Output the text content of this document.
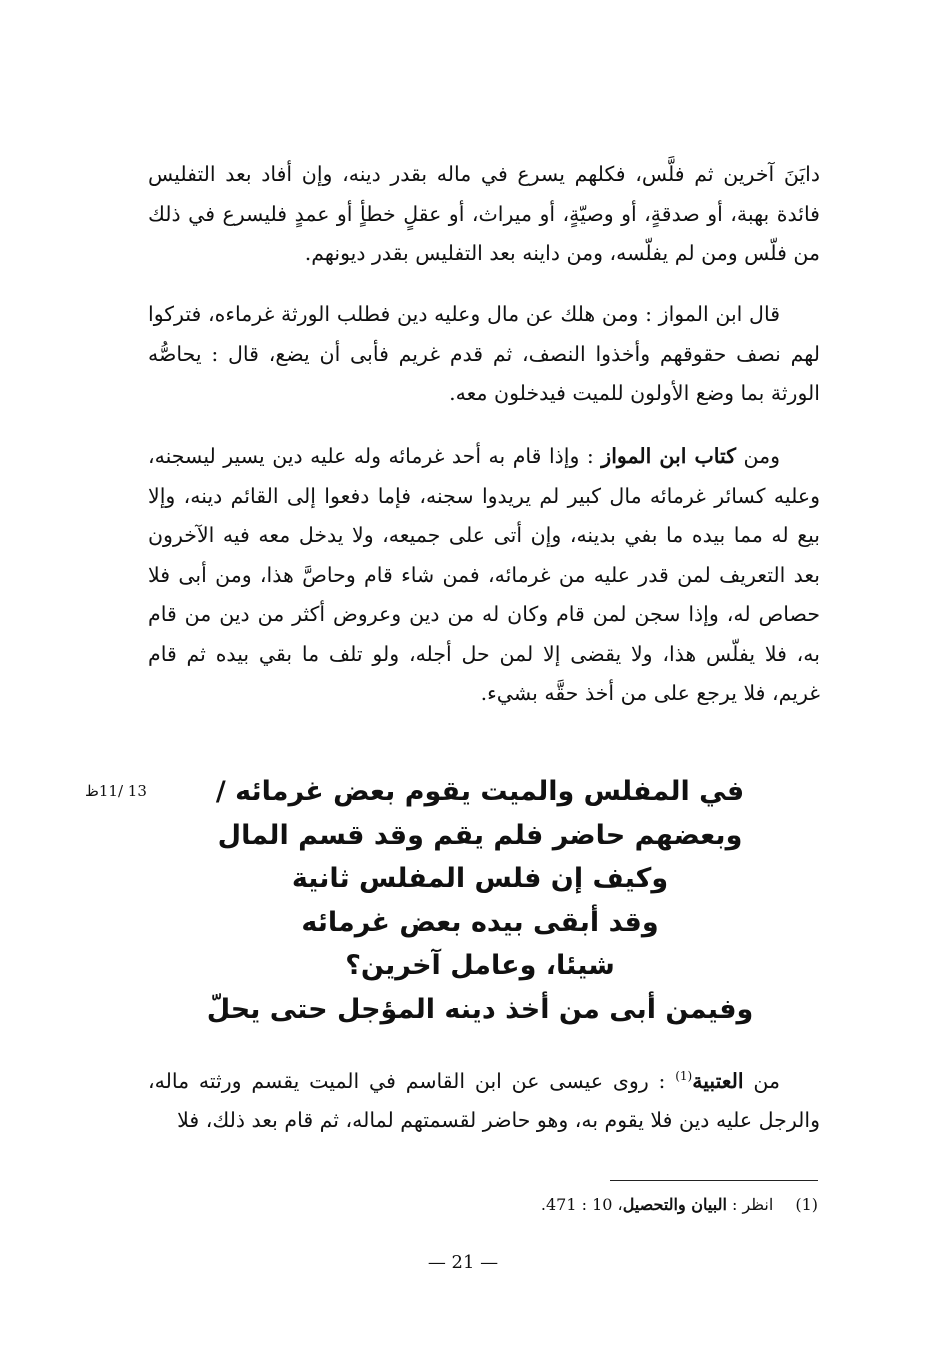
دايَنَ آخرين ثم فلَّس، فكلهم يسرع في ماله بقدر دينه، وإن أفاد بعد التفليس فائدة بهبة، أو صدقةٍ، أو وصيّةٍ، أو ميراث، أو عقلٍ خطأٍ أو عمدٍ فليسرع في ذلك من فلّس ومن لم يفلّسه، ومن داينه بعد التفليس بقدر ديونهم.

قال ابن المواز : ومن هلك عن مال وعليه دين فطلب الورثة غرماءه، فتركوا لهم نصف حقوقهم وأخذوا النصف، ثم قدم غريم فأبى أن يضع، قال : يحاصُّه الورثة بما وضع الأولون للميت فيدخلون معه.

ومن كتاب ابن المواز : وإذا قام به أحد غرمائه وله عليه دين يسير ليسجنه، وعليه كسائر غرمائه مال كبير لم يريدوا سجنه، فإما دفعوا إلى القائم دينه، وإلا بيع له مما بيده ما بفي بدينه، وإن أتى على جميعه، ولا يدخل معه فيه الآخرون بعد التعريف لمن قدر عليه من غرمائه، فمن شاء قام وحاصَّ هذا، ومن أبى فلا حصاص له، وإذا سجن لمن قام وكان له من دين وعروض أكثر من دين من قام به، فلا يفلّس هذا، ولا يقضى إلا لمن حل أجله، ولو تلف ما بقي بيده ثم قام غريم، فلا يرجع على من أخذ حقَّه بشيء.

13 /11ظ	في المفلس والميت يقوم بعض غرمائه /
وبعضهم حاضر فلم يقم وقد قسم المال
وكيف إن فلس المفلس ثانية
وقد أبقى بيده بعض غرمائه
شيئا، وعامل آخرين؟
وفيمن أبى من أخذ دينه المؤجل حتى يحلّ

من العتبية$^{(1)}$ : روى عيسى عن ابن القاسم في الميت يقسم ورثته ماله، والرجل عليه دين فلا يقوم به، وهو حاضر لقسمتهم لماله، ثم قام بعد ذلك، فلا

(1)انظر : البيان والتحصيل، 10 : 471.
— 21 —
